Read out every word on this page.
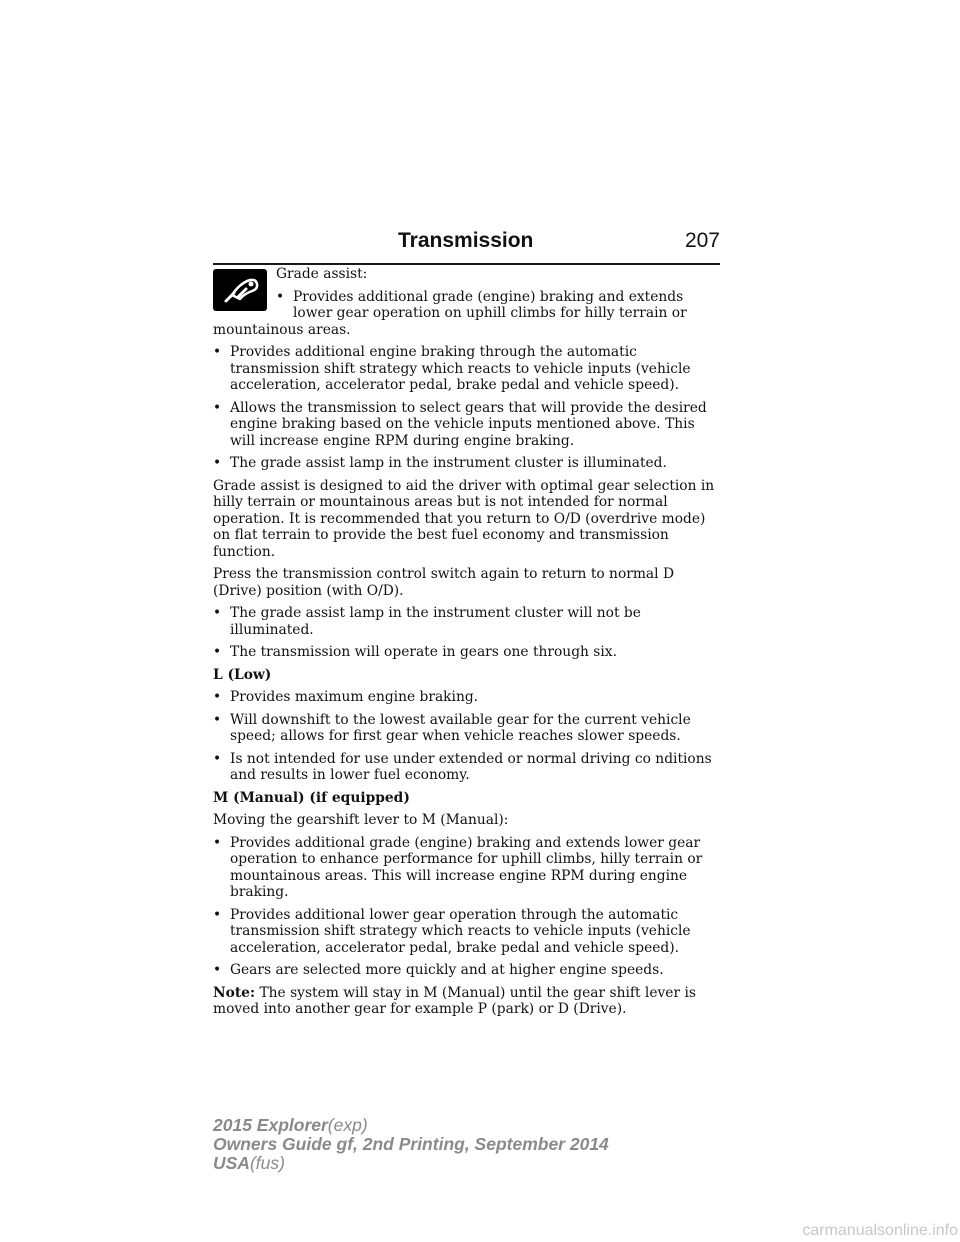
Transmission	207

Grade assist:

• Provides additional grade (engine) braking and extends lower gear operation on uphill climbs for hilly terrain or

mountainous areas.

• Provides additional engine braking through the automatic transmission shift strategy which reacts to vehicle inputs (vehicle acceleration, accelerator pedal, brake pedal and vehicle speed).
• Allows the transmission to select gears that will provide the desired engine braking based on the vehicle inputs mentioned above. This will increase engine RPM during engine braking.
• The grade assist lamp in the instrument cluster is illuminated.

Grade assist is designed to aid the driver with optimal gear selection in hilly terrain or mountainous areas but is not intended for normal operation. It is recommended that you return to O/D (overdrive mode) on flat terrain to provide the best fuel economy and transmission function.

Press the transmission control switch again to return to normal D (Drive) position (with O/D).

• The grade assist lamp in the instrument cluster will not be illuminated.
• The transmission will operate in gears one through six.

L (Low)

• Provides maximum engine braking.
• Will downshift to the lowest available gear for the current vehicle speed; allows for first gear when vehicle reaches slower speeds.
• Is not intended for use under extended or normal driving co nditions and results in lower fuel economy.

M (Manual) (if equipped)

Moving the gearshift lever to M (Manual):

• Provides additional grade (engine) braking and extends lower gear operation to enhance performance for uphill climbs, hilly terrain or mountainous areas. This will increase engine RPM during engine braking.
• Provides additional lower gear operation through the automatic transmission shift strategy which reacts to vehicle inputs (vehicle acceleration, accelerator pedal, brake pedal and vehicle speed).
• Gears are selected more quickly and at higher engine speeds.

Note: The system will stay in M (Manual) until the gear shift lever is moved into another gear for example P (park) or D (Drive).

2015 Explorer(exp)
Owners Guide gf, 2nd Printing, September 2014
USA(fus)
carmanualsonline.info
